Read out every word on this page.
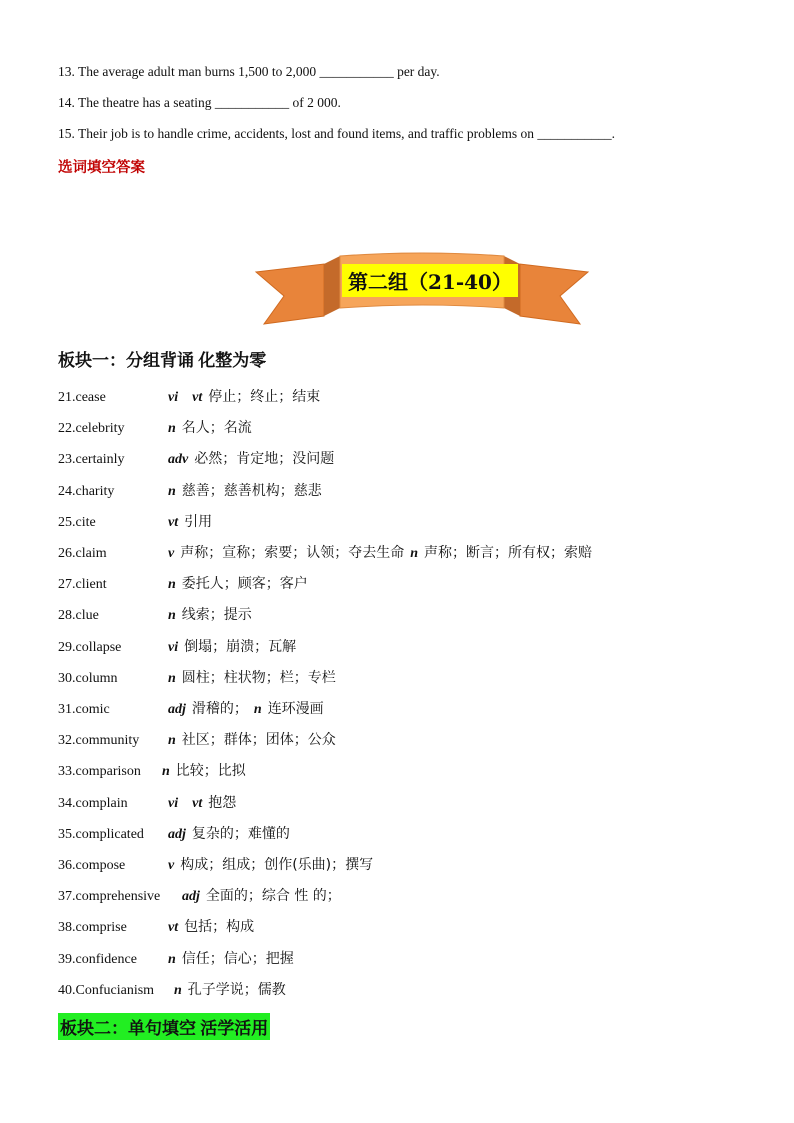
13. The average adult man burns 1,500 to 2,000 ___________ per day.
14. The theatre has a seating ___________ of 2 000.
15. Their job is to handle crime, accidents, lost and found items, and traffic problems on ___________.
选词填空答案
第二组（21-40）
板块一：分组背诵 化整为零
21.cease	vi    vt 停止；终止；结束
22.celebrity	n 名人；名流
23.certainly	adv 必然；肯定地；没问题
24.charity	n 慈善；慈善机构；慈悲
25.cite	vt 引用
26.claim	v 声称；宣称；索要；认领；夺去生命 n 声称；断言；所有权；索赔
27.client	n 委托人；顾客；客户
28.clue	n 线索；提示
29.collapse	vi 倒塌；崩溃；瓦解
30.column	n 圆柱；柱状物；栏；专栏
31.comic	adj 滑稽的； n 连环漫画
32.community n 社区；群体；团体；公众
33.comparison n 比较；比拟
34.complain	vi    vt 抱怨
35.complicated adj 复杂的；难懂的
36.compose	v 构成；组成；创作(乐曲)；撰写
37.comprehensive adj 全面的；综合 性 的；
38.comprise	vt 包括；构成
39.confidence n 信任；信心；把握
40.Confucianism n 孔子学说；儒教
板块二：单句填空 活学活用
